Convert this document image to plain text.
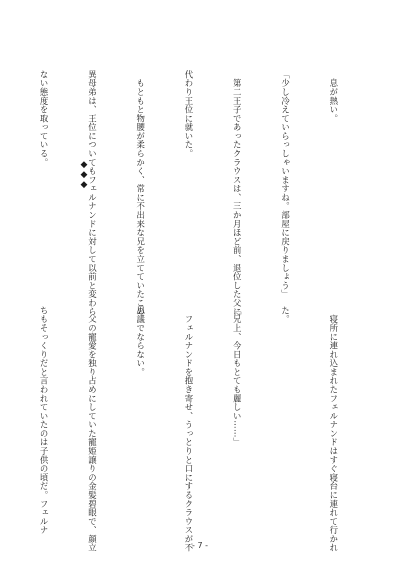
　息が熱い。

「少し冷えていらっしゃいますね。部屋に戻りましょう」

　第二王子であったクラウスは、三か月ほど前、退位した父に

代わり王位に就いた。

　もともと物腰が柔らかく、常に不出来な兄を立てていたこの

異母弟は、王位についてもフェルナンドに対して以前と変わら

ない態度を取っている。

	◆◆◆

　寝所に連れ込まれたフェルナンドはすぐ寝台に連れて行かれ

た。

「兄上、今日もとても麗しい……」

　フェルナンドを抱き寄せ、うっとりと口にするクラウスが不

思議でならない。

　父の寵愛を独り占めにしていた寵姫譲りの金髪碧眼で、顔立

ちもそっくりだと言われていたのは子供の頃だ。フェルナ

- 7 -
